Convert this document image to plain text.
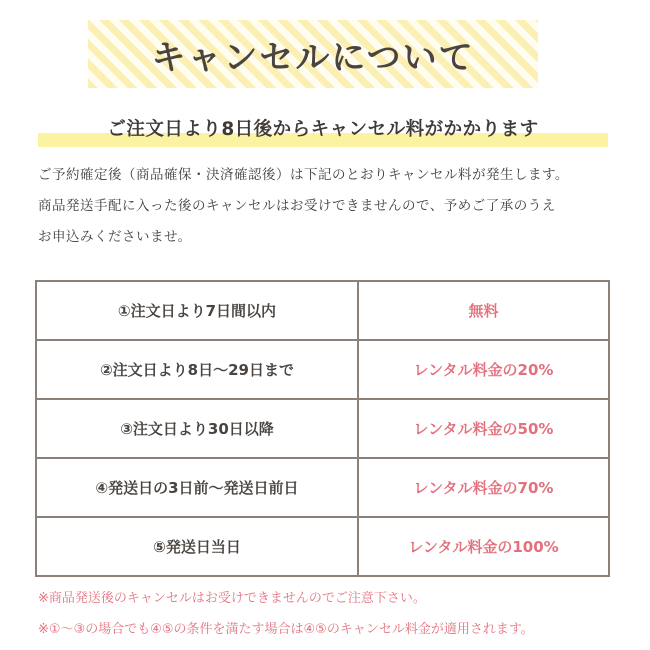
キャンセルについて
ご注文日より8日後からキャンセル料がかかります

ご予約確定後（商品確保・決済確認後）は下記のとおりキャンセル料が発生します。

商品発送手配に入った後のキャンセルはお受けできませんので、予めご了承のうえ

お申込みくださいませ。

①注文日より7日間以内	無料
②注文日より8日〜29日まで	レンタル料金の20%
③注文日より30日以降	レンタル料金の50%
④発送日の3日前〜発送日前日	レンタル料金の70%
⑤発送日当日	レンタル料金の100%

※商品発送後のキャンセルはお受けできませんのでご注意下さい。

※①〜③の場合でも④⑤の条件を満たす場合は④⑤のキャンセル料金が適用されます。
